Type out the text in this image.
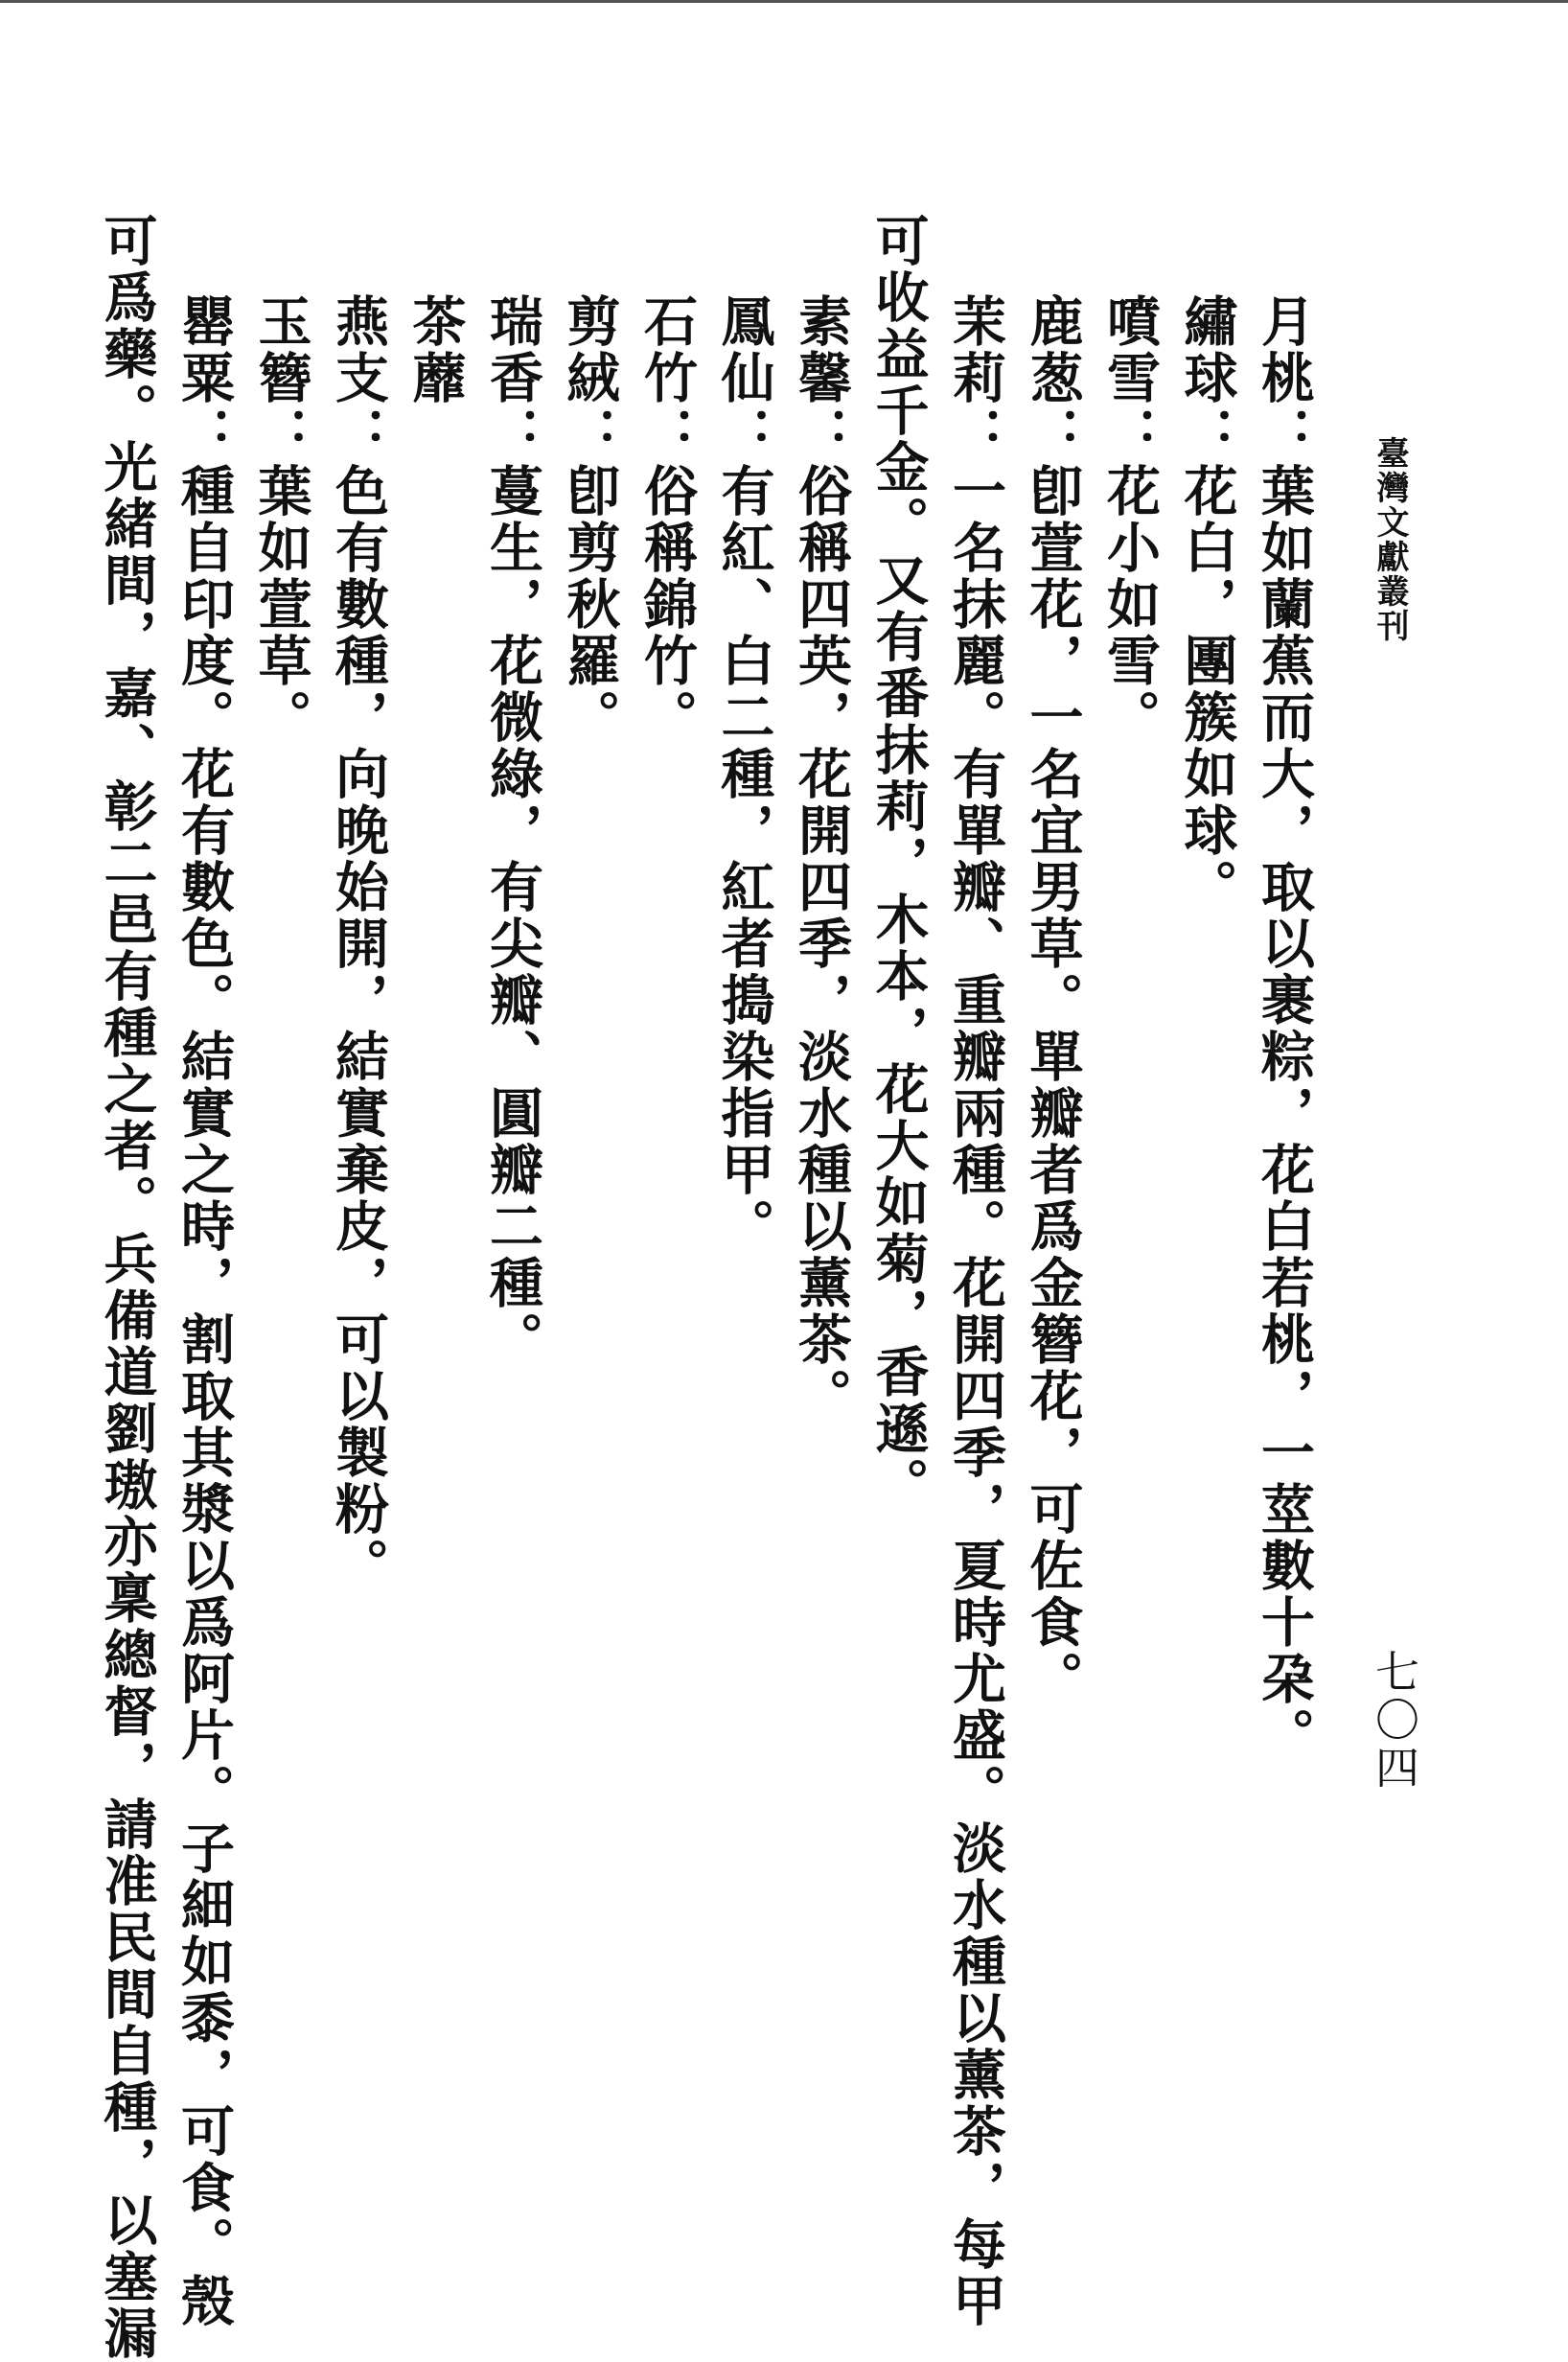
臺灣文獻叢刊
七〇四
月桃：葉如蘭蕉而大，取以裹粽，花白若桃，一莖數十朶。
繡球：花白，團簇如球。
噴雪：花小如雪。
鹿葱：卽萱花，一名宜男草。單瓣者爲金簪花，可佐食。
茉莉：一名抹麗。有單瓣、重瓣兩種。花開四季，夏時尤盛。淡水種以薰茶，每甲
可收益千金。又有番抹莉，木本，花大如菊，香遜。
素馨：俗稱四英，花開四季，淡水種以薰茶。
鳳仙：有紅、白二種，紅者搗染指甲。
石竹：俗稱錦竹。
剪絨：卽剪秋羅。
瑞香：蔓生，花微綠，有尖瓣、圓瓣二種。
茶蘼
燕支：色有數種，向晚始開，結實棄皮，可以製粉。
玉簪：葉如萱草。
罌粟：種自印度。花有數色。結實之時，割取其漿以爲阿片。子細如黍，可食。殼
可爲藥。光緒間，嘉、彰二邑有種之者。兵備道劉璈亦稟總督，請准民間自種，以塞漏
